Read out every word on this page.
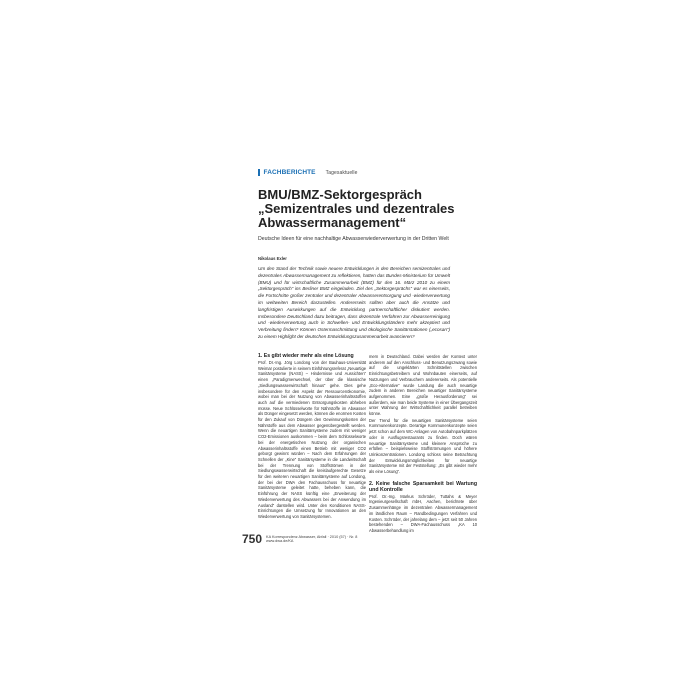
FACHBERICHTE Tagesaktuelle
BMU/BMZ-Sektorgespräch
„Semizentrales und dezentrales
Abwassermanagement“
Deutsche Ideen für eine nachhaltige Abwasserwiederverwertung in der Dritten Welt
Nikolaus Exler
Um den Stand der Technik sowie neuere Entwicklungen in den Bereichen semizentrales und dezentrales Abwassermanagement zu reflektieren, hatten das Bundes-Ministerium für Umwelt (BMU) und für wirtschaftliche Zusammenarbeit (BMZ) für den 16. März 2010 zu einem „Sektorgespräch“ ins Berliner BMZ eingeladen. Ziel des „Sektorgesprächs“ war es einerseits, die Fortschritte großer zentraler und dezentraler Abwasserentsorgung und -wiederverwertung im weltweiten Bereich darzustellen. Andererseits sollten aber auch die Ansätze und langfristigen Auswirkungen auf die Entwicklung partnerschaftlicher diskutiert werden. Insbesondere Deutschland dazu beitragen, dass dezentrale Verfahren zur Abwasserreinigung und -wiederverwertung auch in Schwellen- und Entwicklungsländern mehr akzeptiert und Verbreitung finden? Können Ostermaschmittung und ökologische Sanitärstationen („ecosan“) zu einem Highlight der deutschen Entwicklungszusammenarbeit avancieren?
1. Es gibt wieder mehr als eine Lösung

Prof. Dr.-Ing. Jörg Londong von der Bauhaus-Universität Weimar postulierte in seinem Einführungsreferat „Neuartige Sanitärsysteme (NASS) – Hindernisse und Aussichten“ einen „Paradigmenwechsel, der über die klassische „Siedlungswasserwirtschaft hinaus“ gehe. Dies gehe insbesondere für den Aspekt der Ressourcenökonomie, wobei man bei der Nutzung von Abwasserinhaltsstoffen auch auf die vermiedenen Entsorgungskosten abheben müsse. Neue Schlüsselworte für Nährstoffe im Abwasser als Dünger eingesetzt werden, können die enormen Kosten für den Zukauf von Düngern den Gewinnungskosten der Nährstoffe aus dem Abwasser gegenübergestellt werden. Wenn die neuartigen Sanitärsysteme zudem mit weniger CO2-Emissionen auskommen – beim dem Schlüsselworte bei der energetischen Nutzung der organischen Abwasserinhaltsstoffe einen Betrieb mit weniger CO2 geborgt gewinnt würden – Nach dem Erfahrungen der Schnellen der „Kine“ Sanitärsysteme in die Landwirtschaft bei der Trennung von Stoffströmen in der Siedlungswasserwirtschaft die kreislaufgerechte Gesetze für den weiteren neuartigen Sanitärsysteme auf Londong, der bei der DWA den Fachausschuss für neuartige Sanitärsysteme geleitet hatte, beheben kann, die Einführung der NASS künftig eine „Erweiterung der Wiederverwertung des Abwassers bei der Anwendung im Ausland“ darstellen wird. Unter den Konditionen NASS-Einrichtungen die Umsetzung für Innovationen an den Wiederverwertung von Sanitärsystemen.

mern in Deutschland. Dabei werden der Kontext unter anderem auf den Anschluss- und Benutzungszwang sowie auf die ungeklärten Schnittstellen zwischen Einrichtungsbetreibern und Wohnbauten einerseits, auf Nutzungen und Verbrauchern andererseits. Als potentielle „Eco-Alternative“ wurde Landung die auch neuartige zudem in anderen Bereichen neuartiger Sanitärsysteme aufgenommen. Eine „große Herausforderung“ sei außerdem, wie man beide Systeme in einer Übergangszeit unter Wahrung der Wirtschaftlichkeit parallel betreiben könne.

Der Trend für die neuartigen Sanitärsysteme seien Kommunenkonzepte. Derartige Kommunenkonzepte seien jetzt schon auf dem WC-Anlagen von Autobahnparkplätzen oder in Ausflugsrestaurants zu finden. Doch wären neuartige Sanitärsysteme und kleinere Ansprüche zu erfüllen – beispielsweise Stoffströmungen und höhere Urinkonzentrationen. Londong schloss seine Betrachtung der Entwicklungsmöglichkeiten für neuartige Sanitärsysteme mit der Feststellung: „Es gibt wieder mehr als eine Lösung“.

2. Keine falsche Sparsamkeit bei Wartung und Kontrolle

Prof. Dr.-Ing. Markus Schröder, Tuttahs & Meyer Ingenieurgesellschaft mbH, Aachen, berichtete über Zusammenhänge im dezentralen Abwassermanagement im ländlichen Raum – Randbedingungen Verfahren und Kosten. Schröder, der jahrelang dem – jetzt seit 50 Jahren bestehenden – DWA-Fachausschuss „KA 10 Abwasserbehandlung im

750 KA Korrespondenz Abwasser, Abfall · 2010 (57) · Nr. 8
www.dwa.de/KA
